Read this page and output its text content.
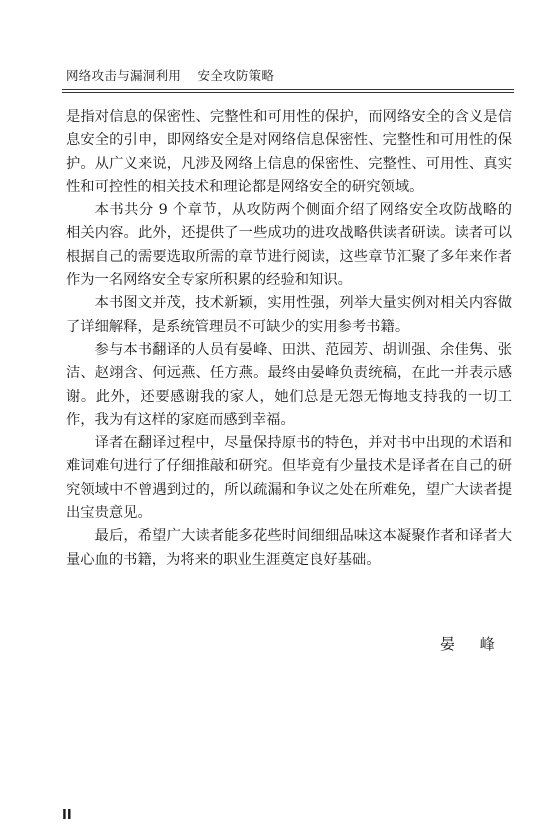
网络攻击与漏洞利用 安全攻防策略

是指对信息的保密性、完整性和可用性的保护，而网络安全的含义是信息安全的引申，即网络安全是对网络信息保密性、完整性和可用性的保护。从广义来说，凡涉及网络上信息的保密性、完整性、可用性、真实性和可控性的相关技术和理论都是网络安全的研究领域。

本书共分 9 个章节，从攻防两个侧面介绍了网络安全攻防战略的相关内容。此外，还提供了一些成功的进攻战略供读者研读。读者可以根据自己的需要选取所需的章节进行阅读，这些章节汇聚了多年来作者作为一名网络安全专家所积累的经验和知识。

本书图文并茂，技术新颖，实用性强，列举大量实例对相关内容做了详细解释，是系统管理员不可缺少的实用参考书籍。

参与本书翻译的人员有晏峰、田洪、范园芳、胡训强、余佳隽、张洁、赵翊含、何远燕、任方燕。最终由晏峰负责统稿，在此一并表示感谢。此外，还要感谢我的家人，她们总是无怨无悔地支持我的一切工作，我为有这样的家庭而感到幸福。

译者在翻译过程中，尽量保持原书的特色，并对书中出现的术语和难词难句进行了仔细推敲和研究。但毕竟有少量技术是译者在自己的研究领域中不曾遇到过的，所以疏漏和争议之处在所难免，望广大读者提出宝贵意见。

最后，希望广大读者能多花些时间细细品味这本凝聚作者和译者大量心血的书籍，为将来的职业生涯奠定良好基础。

晏 峰
II
